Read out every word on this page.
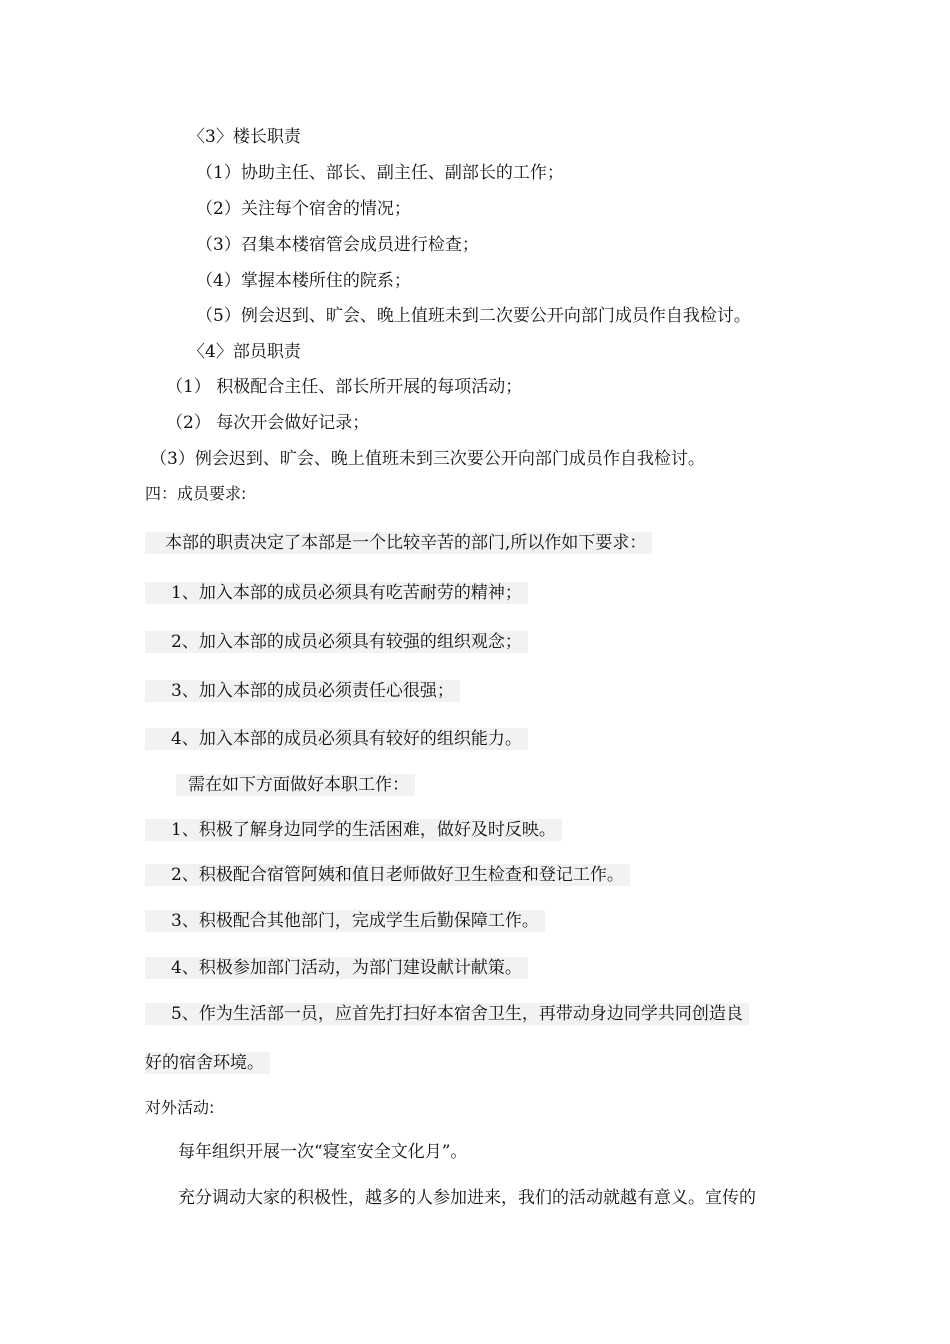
〈3〉楼长职责
（1）协助主任、部长、副主任、副部长的工作；
（2）关注每个宿舍的情况；
（3）召集本楼宿管会成员进行检查；
（4）掌握本楼所住的院系；
（5）例会迟到、旷会、晚上值班未到二次要公开向部门成员作自我检讨。
〈4〉部员职责
（1） 积极配合主任、部长所开展的每项活动；
（2） 每次开会做好记录；
（3）例会迟到、旷会、晚上值班未到三次要公开向部门成员作自我检讨。
四：成员要求:
本部的职责决定了本部是一个比较辛苦的部门,所以作如下要求：
1、加入本部的成员必须具有吃苦耐劳的精神；
2、加入本部的成员必须具有较强的组织观念；
3、加入本部的成员必须责任心很强；
4、加入本部的成员必须具有较好的组织能力。
需在如下方面做好本职工作：
1、积极了解身边同学的生活困难，做好及时反映。
2、积极配合宿管阿姨和值日老师做好卫生检查和登记工作。
3、积极配合其他部门，完成学生后勤保障工作。
4、积极参加部门活动，为部门建设献计献策。
5、作为生活部一员，应首先打扫好本宿舍卫生，再带动身边同学共同创造良
好的宿舍环境。
对外活动:
每年组织开展一次“寝室安全文化月”。
充分调动大家的积极性，越多的人参加进来，我们的活动就越有意义。宣传的
